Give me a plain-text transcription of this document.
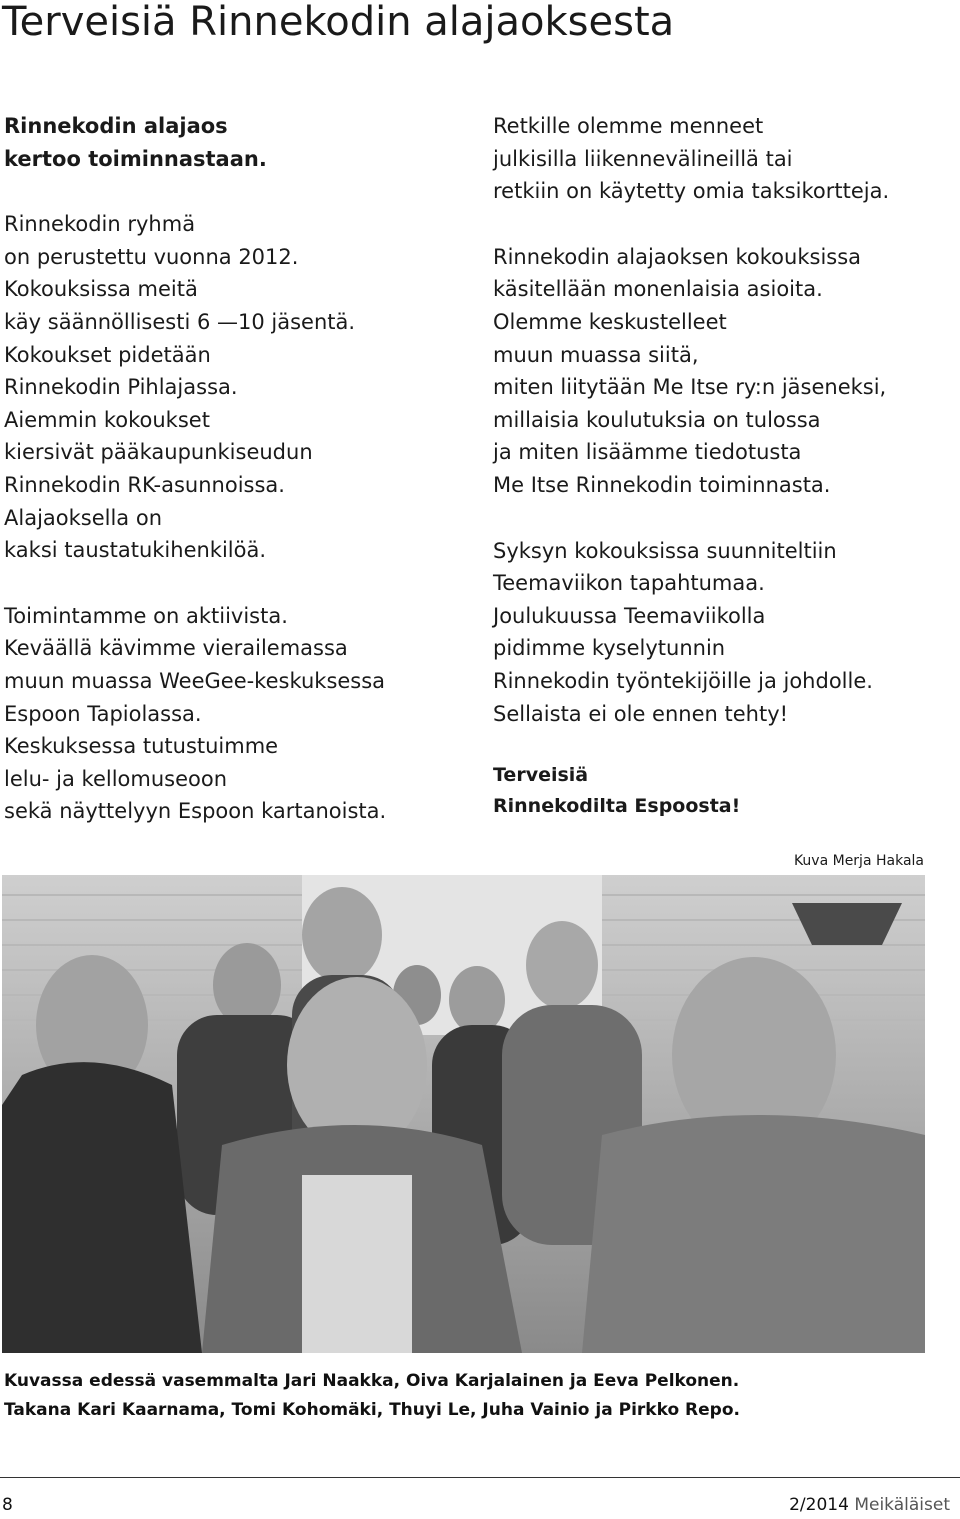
Terveisiä Rinnekodin alajaoksesta

Rinnekodin alajaos
kertoo toiminnastaan.

Rinnekodin ryhmä
on perustettu vuonna 2012.
Kokouksissa meitä
käy säännöllisesti 6 —10 jäsentä.
Kokoukset pidetään
Rinnekodin Pihlajassa.
Aiemmin kokoukset
kiersivät pääkaupunkiseudun
Rinnekodin RK-asunnoissa.
Alajaoksella on
kaksi taustatukihenkilöä.

Toimintamme on aktiivista.
Keväällä kävimme vierailemassa
muun muassa WeeGee-keskuksessa
Espoon Tapiolassa.
Keskuksessa tutustuimme
lelu- ja kellomuseoon
sekä näyttelyyn Espoon kartanoista.

Retkille olemme menneet
julkisilla liikennevälineillä tai
retkiin on käytetty omia taksikortteja.

Rinnekodin alajaoksen kokouksissa
käsitellään monenlaisia asioita.
Olemme keskustelleet
muun muassa siitä,
miten liitytään Me Itse ry:n jäseneksi,
millaisia koulutuksia on tulossa
ja miten lisäämme tiedotusta
Me Itse Rinnekodin toiminnasta.

Syksyn kokouksissa suunniteltiin
Teemaviikon tapahtumaa.
Joulukuussa Teemaviikolla
pidimme kyselytunnin
Rinnekodin työntekijöille ja johdolle.
Sellaista ei ole ennen tehty!

Terveisiä
Rinnekodilta Espoosta!

Kuva Merja Hakala
Kuvassa edessä vasemmalta Jari Naakka, Oiva Karjalainen ja Eeva Pelkonen.
Takana Kari Kaarnama, Tomi Kohomäki, Thuyi Le, Juha Vainio ja Pirkko Repo.
8	2/2014 Meikäläiset
